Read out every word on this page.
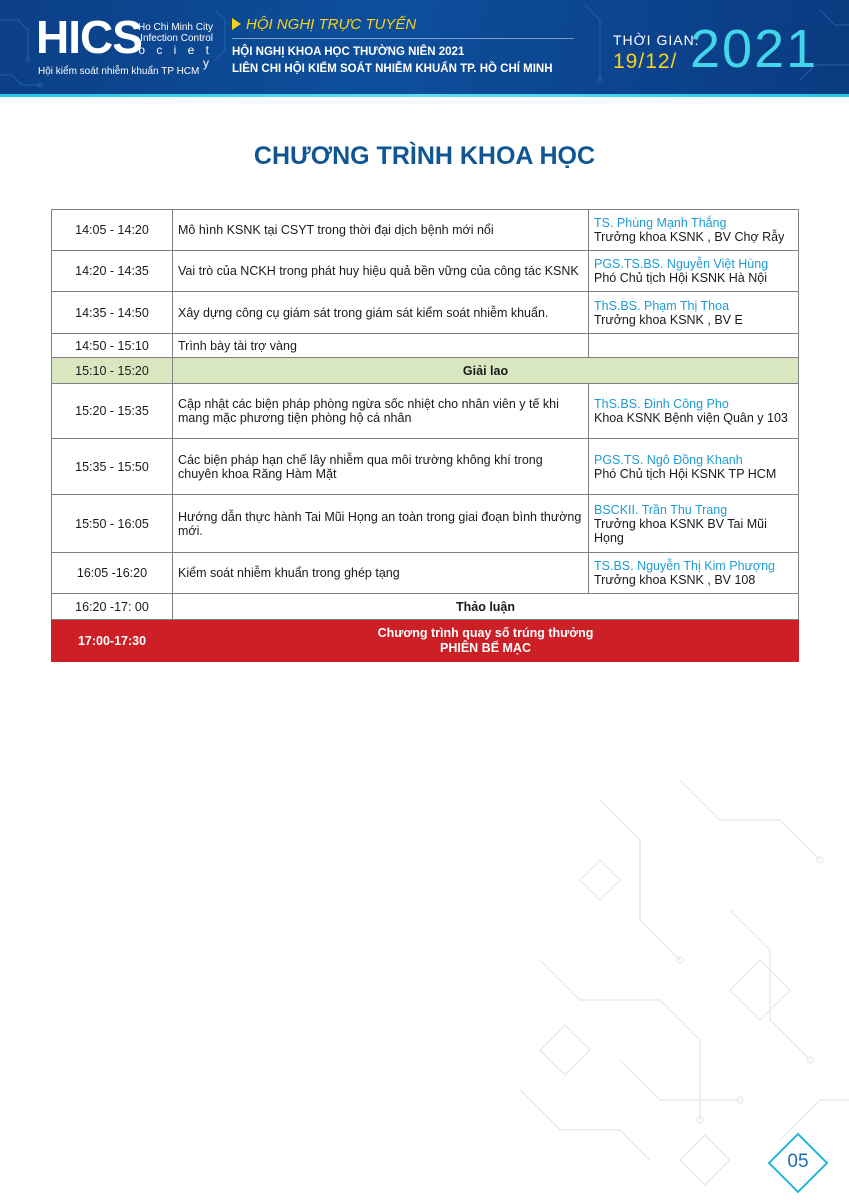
HICS
Ho Chi Minh City
Infection Control
o c i e t y
Hội kiểm soát nhiễm khuẩn TP HCM
HỘI NGHỊ TRỰC TUYẾN
HỘI NGHỊ KHOA HỌC THƯỜNG NIÊN 2021
LIÊN CHI HỘI KIỂM SOÁT NHIỄM KHUẨN TP. HỒ CHÍ MINH
THỜI GIAN:
19/12/ 2021
CHƯƠNG TRÌNH KHOA HỌC
14:05 - 14:20	Mô hình KSNK tại CSYT trong thời đại dịch bệnh mới nổi	TS. Phùng Mạnh Thắng
Trưởng khoa KSNK , BV Chợ Rẫy

14:20 - 14:35	Vai trò của NCKH trong phát huy hiệu quả bền vững của công tác KSNK	PGS.TS.BS. Nguyễn Việt Hùng
Phó Chủ tịch Hội KSNK Hà Nội

14:35 - 14:50	Xây dựng công cụ giám sát trong giám sát kiểm soát nhiễm khuẩn.	ThS.BS. Phạm Thị Thoa
Trưởng khoa KSNK , BV E

14:50 - 15:10	Trình bày tài trợ vàng	
15:10 - 15:20	Giải lao	
15:20 - 15:35	Cập nhật các biện pháp phòng ngừa sốc nhiệt cho nhân viên y tế khi mang mặc phương tiện phòng hộ cá nhân	ThS.BS. Đinh Công Pho
Khoa KSNK Bệnh viện Quân y 103

15:35 - 15:50	Các biện pháp hạn chế lây nhiễm qua môi trường không khí trong chuyên khoa Răng Hàm Mặt	PGS.TS. Ngô Đồng Khanh
Phó Chủ tịch Hội KSNK TP HCM

15:50 - 16:05	Hướng dẫn thực hành Tai Mũi Họng an toàn trong giai đoạn bình thường mới.	BSCKII. Trần Thu Trang
Trưởng khoa KSNK BV Tai Mũi Họng

16:05 -16:20	Kiểm soát nhiễm khuẩn trong ghép tạng	TS.BS. Nguyễn Thị Kim Phượng
Trưởng khoa KSNK , BV 108

16:20 -17: 00	Thảo luận	
17:00-17:30	Chương trình quay số trúng thưởng
PHIÊN BẾ MẠC	
05
